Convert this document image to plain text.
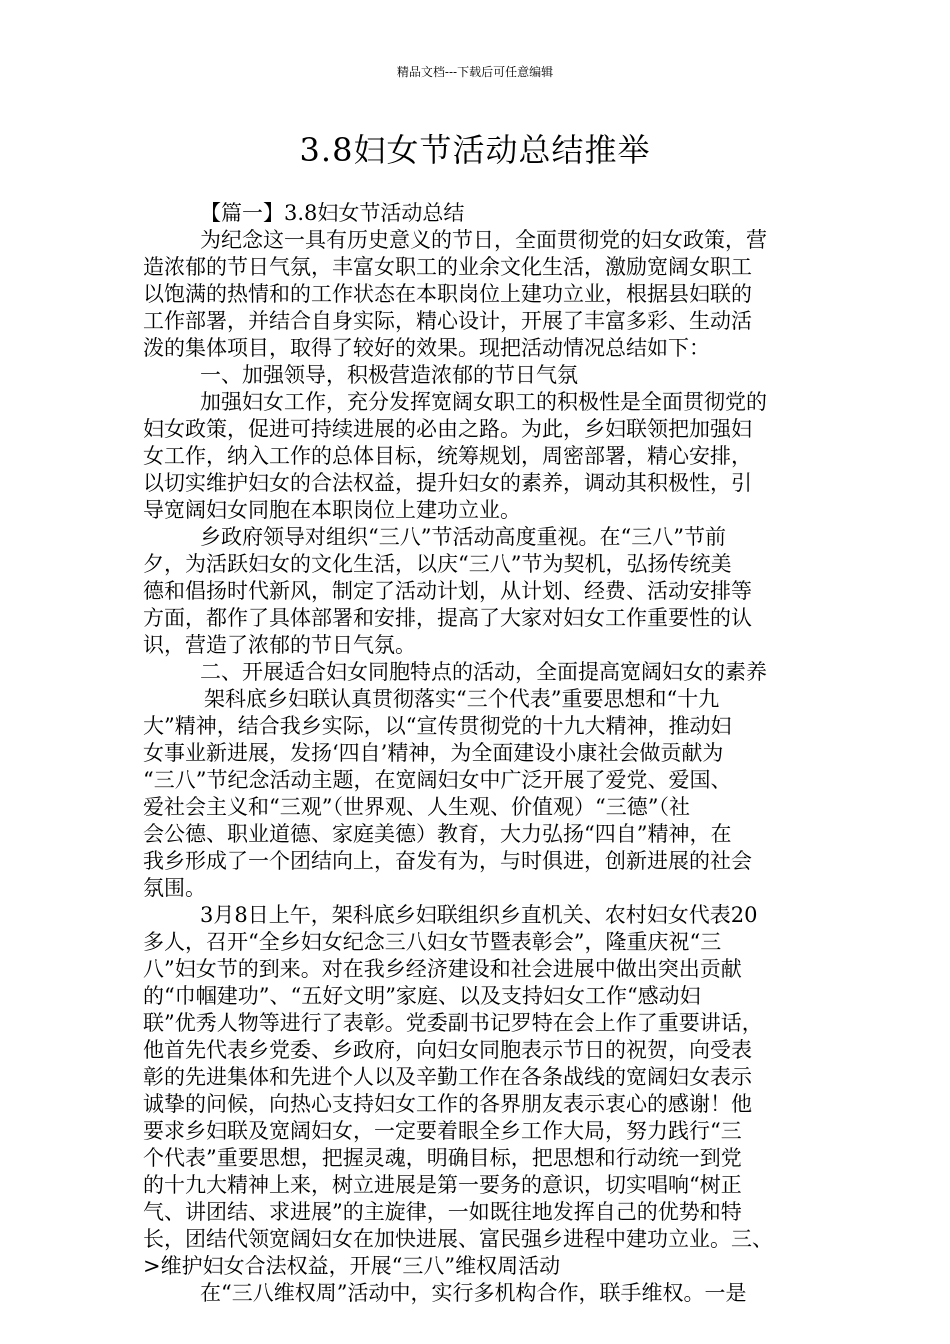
精品文档---下载后可任意编辑
3.8妇女节活动总结推举
【篇一】3.8妇女节活动总结
为纪念这一具有历史意义的节日，全面贯彻党的妇女政策，营
造浓郁的节日气氛，丰富女职工的业余文化生活，激励宽阔女职工
以饱满的热情和的工作状态在本职岗位上建功立业，根据县妇联的
工作部署，并结合自身实际，精心设计，开展了丰富多彩、生动活
泼的集体项目，取得了较好的效果。现把活动情况总结如下：
一、加强领导，积极营造浓郁的节日气氛
加强妇女工作，充分发挥宽阔女职工的积极性是全面贯彻党的
妇女政策，促进可持续进展的必由之路。为此，乡妇联领把加强妇
女工作，纳入工作的总体目标，统筹规划，周密部署，精心安排，
以切实维护妇女的合法权益，提升妇女的素养，调动其积极性，引
导宽阔妇女同胞在本职岗位上建功立业。
乡政府领导对组织“三八”节活动高度重视。在“三八”节前
夕，为活跃妇女的文化生活，以庆“三八”节为契机，弘扬传统美
德和倡扬时代新风，制定了活动计划，从计划、经费、活动安排等
方面，都作了具体部署和安排，提高了大家对妇女工作重要性的认
识，营造了浓郁的节日气氛。
二、开展适合妇女同胞特点的活动，全面提高宽阔妇女的素养
架科底乡妇联认真贯彻落实“三个代表”重要思想和“十九
大”精神，结合我乡实际，以“宣传贯彻党的十九大精神，推动妇
女事业新进展，发扬‘四自’精神，为全面建设小康社会做贡献为
“三八”节纪念活动主题，在宽阔妇女中广泛开展了爱党、爱国、
爱社会主义和“三观”（世界观、人生观、价值观）“三德”（社
会公德、职业道德、家庭美德）教育，大力弘扬“四自”精神，在
我乡形成了一个团结向上，奋发有为，与时俱进，创新进展的社会
氛围。
3月8日上午，架科底乡妇联组织乡直机关、农村妇女代表20
多人，召开“全乡妇女纪念三八妇女节暨表彰会”，隆重庆祝“三
八”妇女节的到来。对在我乡经济建设和社会进展中做出突出贡献
的“巾帼建功”、“五好文明”家庭、以及支持妇女工作“感动妇
联”优秀人物等进行了表彰。党委副书记罗特在会上作了重要讲话，
他首先代表乡党委、乡政府，向妇女同胞表示节日的祝贺，向受表
彰的先进集体和先进个人以及辛勤工作在各条战线的宽阔妇女表示
诚挚的问候，向热心支持妇女工作的各界朋友表示衷心的感谢！他
要求乡妇联及宽阔妇女，一定要着眼全乡工作大局，努力践行“三
个代表”重要思想，把握灵魂，明确目标，把思想和行动统一到党
的十九大精神上来，树立进展是第一要务的意识，切实唱响“树正
气、讲团结、求进展”的主旋律，一如既往地发挥自己的优势和特
长，团结代领宽阔妇女在加快进展、富民强乡进程中建功立业。三、
>维护妇女合法权益，开展“三八”维权周活动
在“三八维权周”活动中，实行多机构合作，联手维权。一是
